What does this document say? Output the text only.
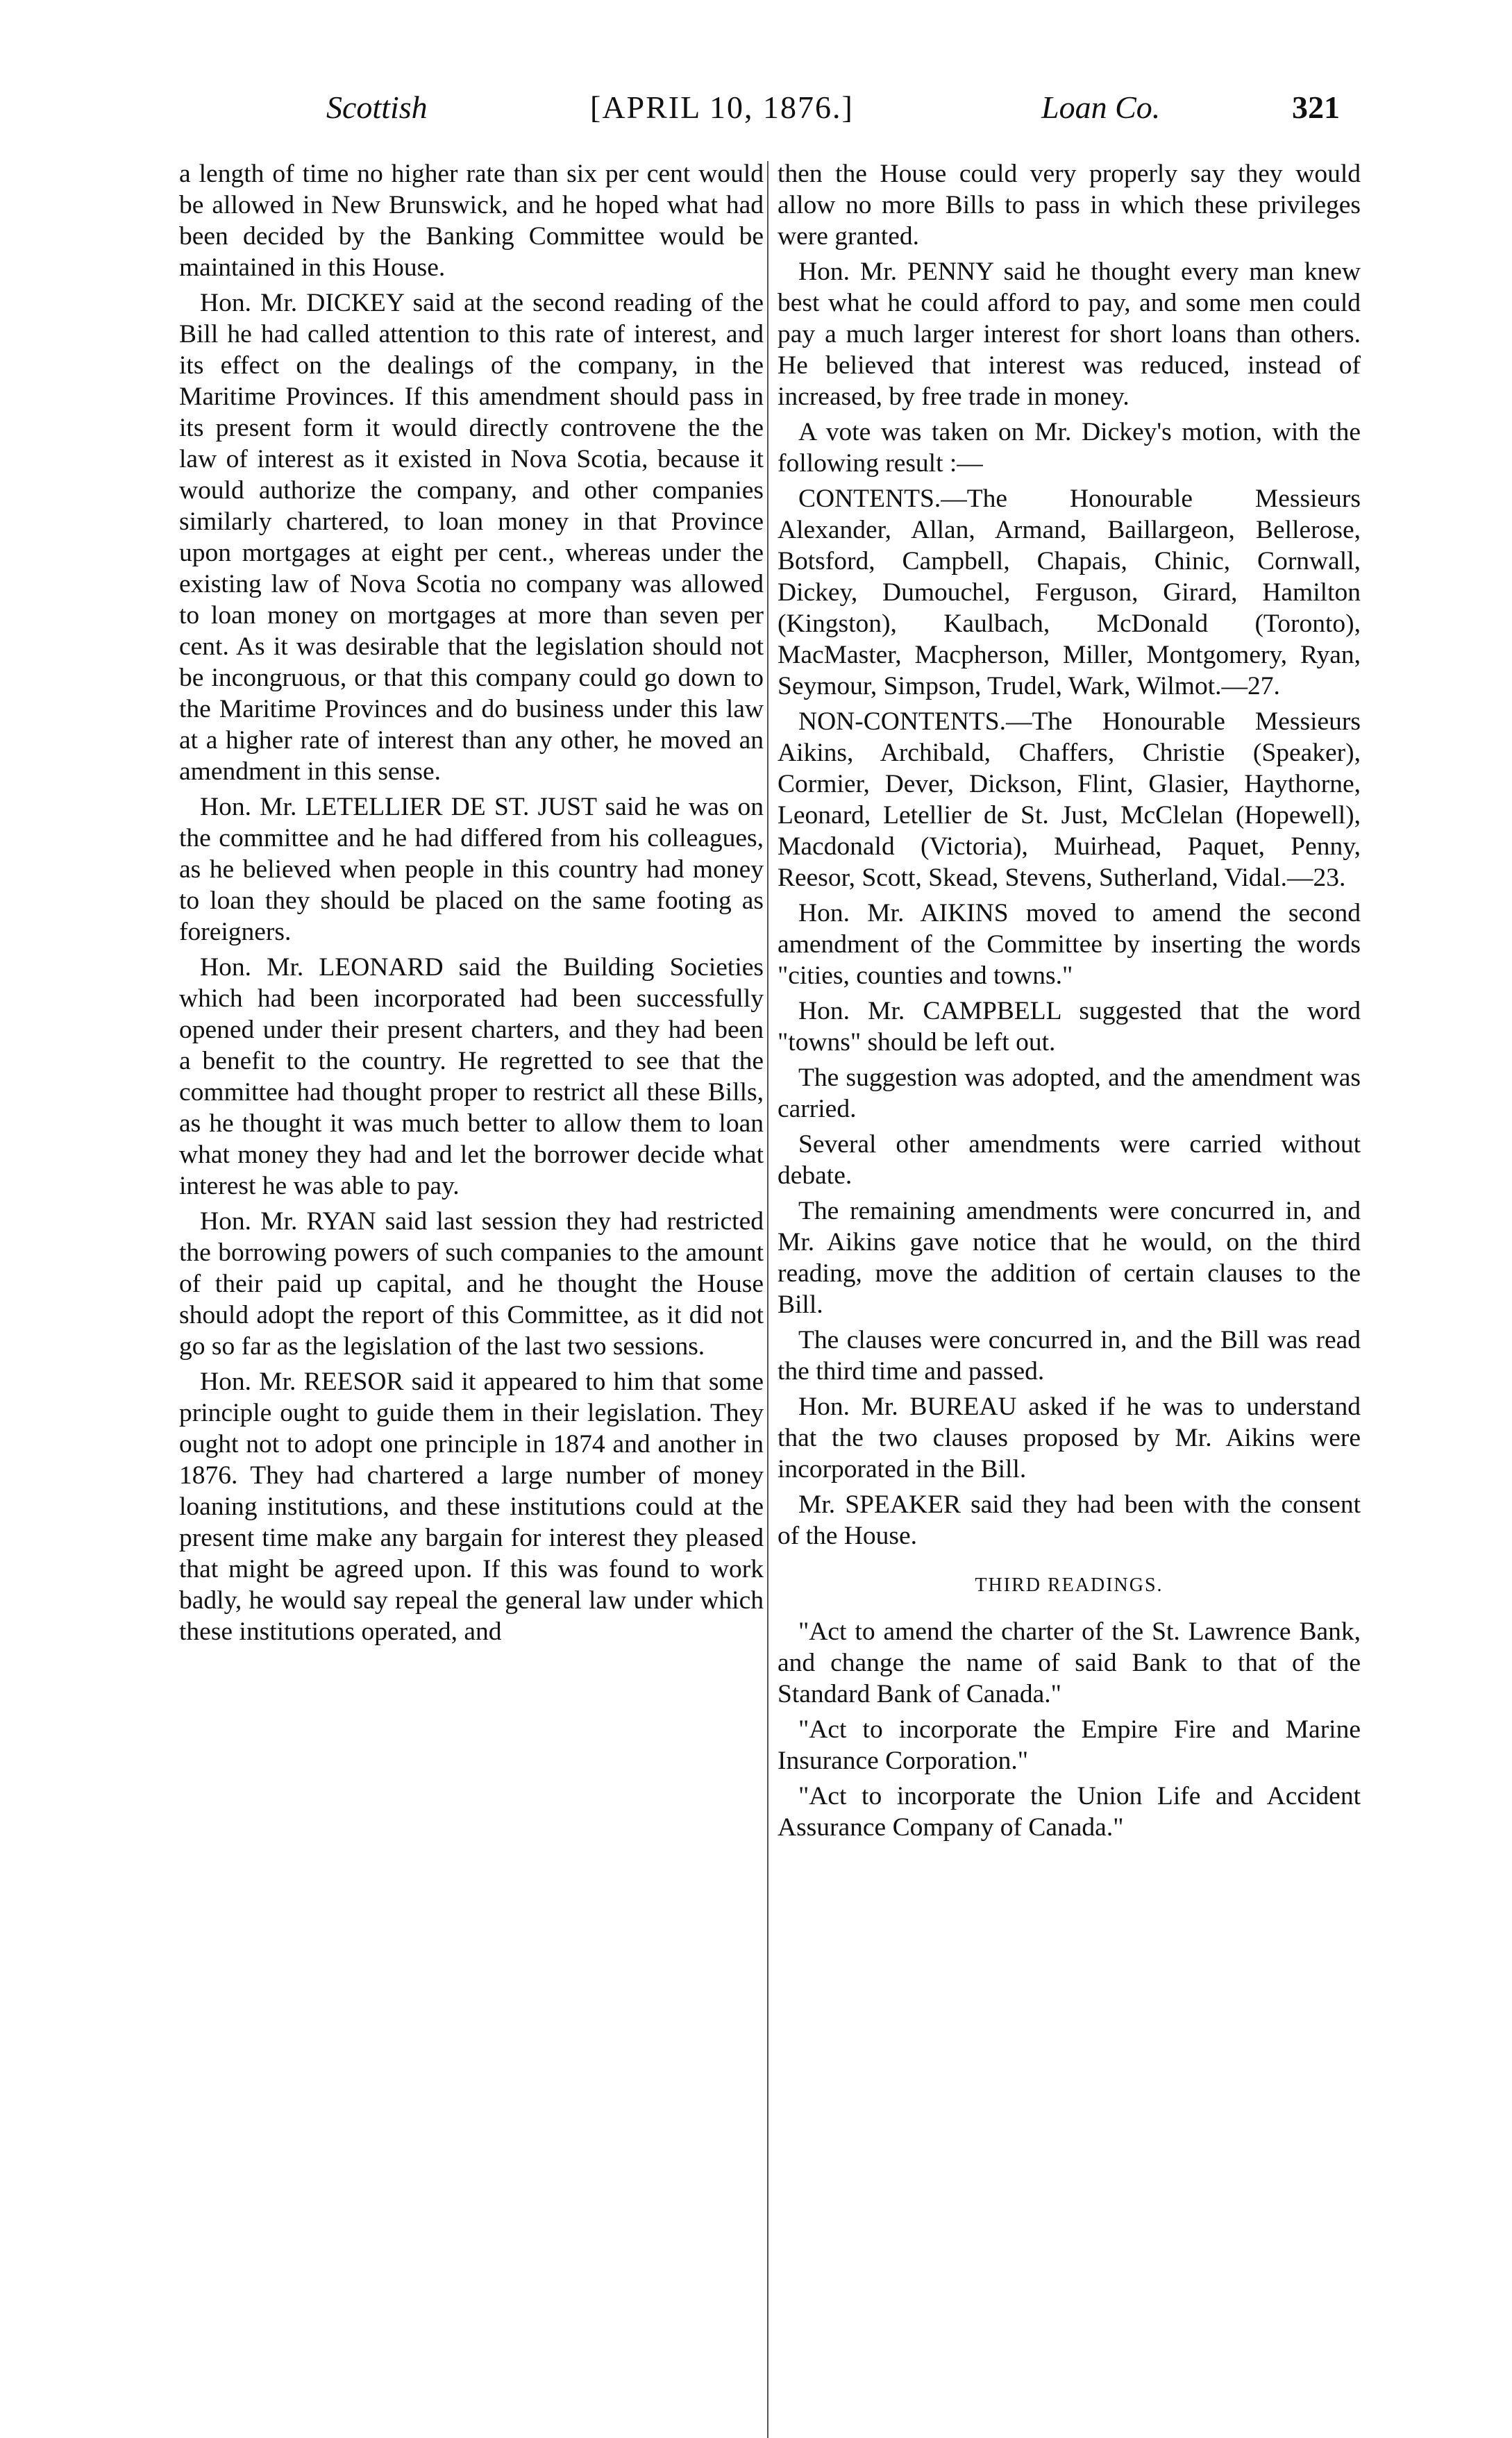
Scottish	[APRIL 10, 1876.]	Loan Co.	321

a length of time no higher rate than six per cent would be allowed in New Brunswick, and he hoped what had been decided by the Banking Committee would be maintained in this House.

Hon. Mr. DICKEY said at the second reading of the Bill he had called attention to this rate of interest, and its effect on the dealings of the company, in the Maritime Provinces. If this amendment should pass in its present form it would directly controvene the the law of interest as it existed in Nova Scotia, because it would authorize the company, and other companies similarly chartered, to loan money in that Province upon mortgages at eight per cent., whereas under the existing law of Nova Scotia no company was allowed to loan money on mortgages at more than seven per cent. As it was desirable that the legislation should not be incongruous, or that this company could go down to the Maritime Provinces and do business under this law at a higher rate of interest than any other, he moved an amendment in this sense.

Hon. Mr. LETELLIER DE ST. JUST said he was on the committee and he had differed from his colleagues, as he believed when people in this country had money to loan they should be placed on the same footing as foreigners.

Hon. Mr. LEONARD said the Building Societies which had been incorporated had been successfully opened under their present charters, and they had been a benefit to the country. He regretted to see that the committee had thought proper to restrict all these Bills, as he thought it was much better to allow them to loan what money they had and let the borrower decide what interest he was able to pay.

Hon. Mr. RYAN said last session they had restricted the borrowing powers of such companies to the amount of their paid up capital, and he thought the House should adopt the report of this Committee, as it did not go so far as the legislation of the last two sessions.

Hon. Mr. REESOR said it appeared to him that some principle ought to guide them in their legislation. They ought not to adopt one principle in 1874 and another in 1876. They had chartered a large number of money loaning institutions, and these institutions could at the present time make any bargain for interest they pleased that might be agreed upon. If this was found to work badly, he would say repeal the general law under which these institutions operated, and

then the House could very properly say they would allow no more Bills to pass in which these privileges were granted.

Hon. Mr. PENNY said he thought every man knew best what he could afford to pay, and some men could pay a much larger interest for short loans than others. He believed that interest was reduced, instead of increased, by free trade in money.

A vote was taken on Mr. Dickey's motion, with the following result :—

CONTENTS.—The Honourable Messieurs Alexander, Allan, Armand, Baillargeon, Bellerose, Botsford, Campbell, Chapais, Chinic, Cornwall, Dickey, Dumouchel, Ferguson, Girard, Hamilton (Kingston), Kaulbach, McDonald (Toronto), MacMaster, Macpherson, Miller, Montgomery, Ryan, Seymour, Simpson, Trudel, Wark, Wilmot.—27.

NON-CONTENTS.—The Honourable Messieurs Aikins, Archibald, Chaffers, Christie (Speaker), Cormier, Dever, Dickson, Flint, Glasier, Haythorne, Leonard, Letellier de St. Just, McClelan (Hopewell), Macdonald (Victoria), Muirhead, Paquet, Penny, Reesor, Scott, Skead, Stevens, Sutherland, Vidal.—23.

Hon. Mr. AIKINS moved to amend the second amendment of the Committee by inserting the words "cities, counties and towns."

Hon. Mr. CAMPBELL suggested that the word "towns" should be left out.

The suggestion was adopted, and the amendment was carried.

Several other amendments were carried without debate.

The remaining amendments were concurred in, and Mr. Aikins gave notice that he would, on the third reading, move the addition of certain clauses to the Bill.

The clauses were concurred in, and the Bill was read the third time and passed.

Hon. Mr. BUREAU asked if he was to understand that the two clauses proposed by Mr. Aikins were incorporated in the Bill.

Mr. SPEAKER said they had been with the consent of the House.

THIRD READINGS.

"Act to amend the charter of the St. Lawrence Bank, and change the name of said Bank to that of the Standard Bank of Canada."

"Act to incorporate the Empire Fire and Marine Insurance Corporation."

"Act to incorporate the Union Life and Accident Assurance Company of Canada."
